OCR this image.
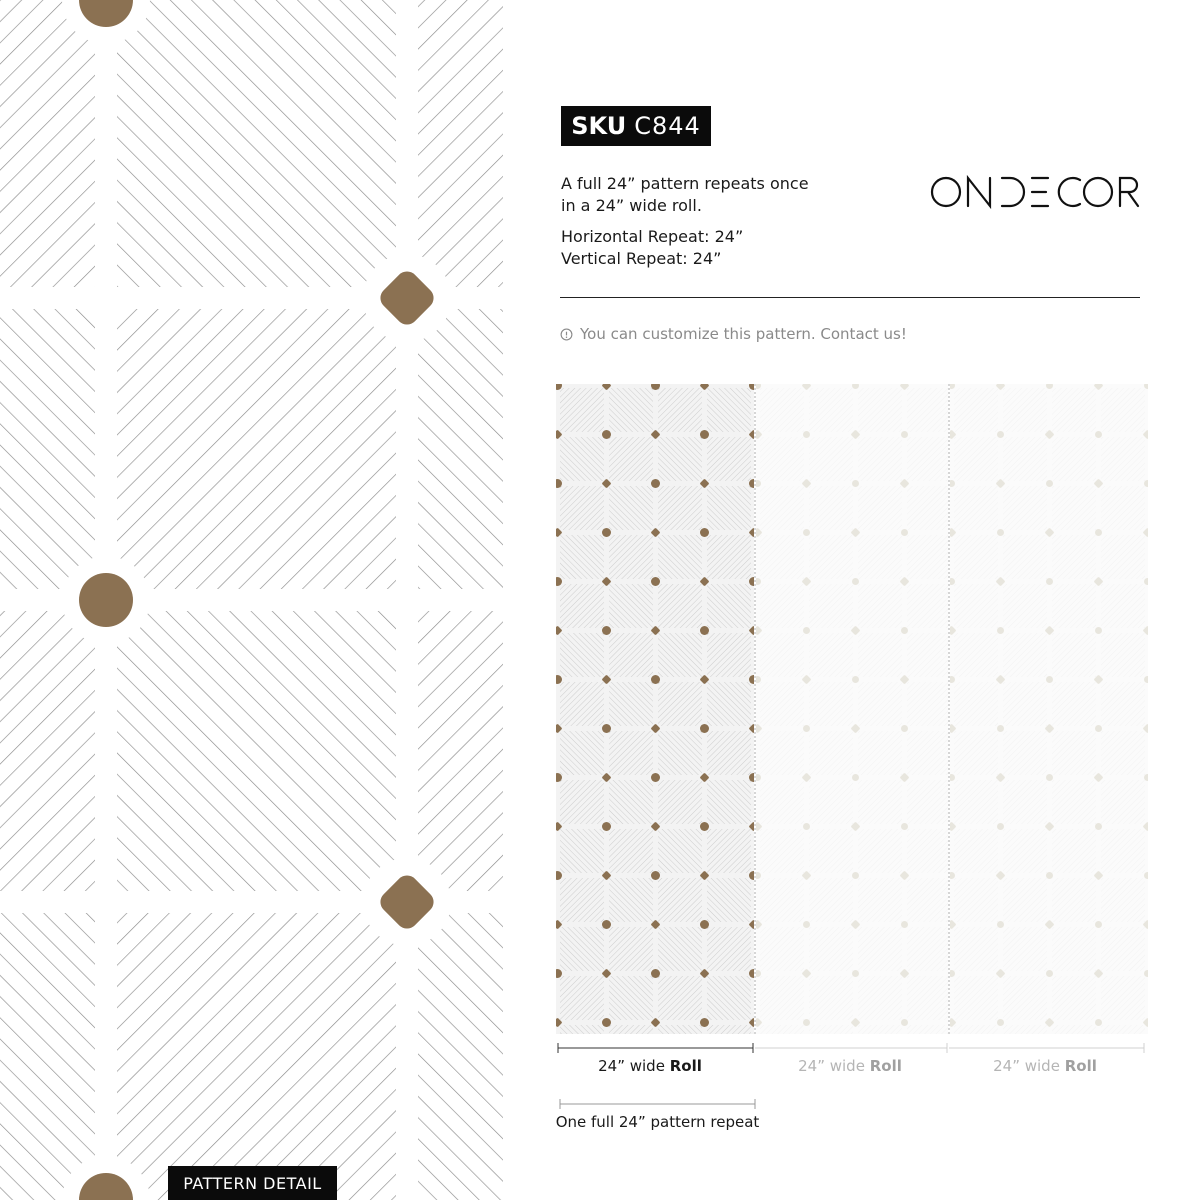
PATTERN DETAIL
SKU C844
A full 24” pattern repeats once
in a 24” wide roll.
Horizontal Repeat: 24”
Vertical Repeat: 24”
You can customize this pattern. Contact us!
24” wide Roll	24” wide Roll	24” wide Roll
One full 24” pattern repeat
